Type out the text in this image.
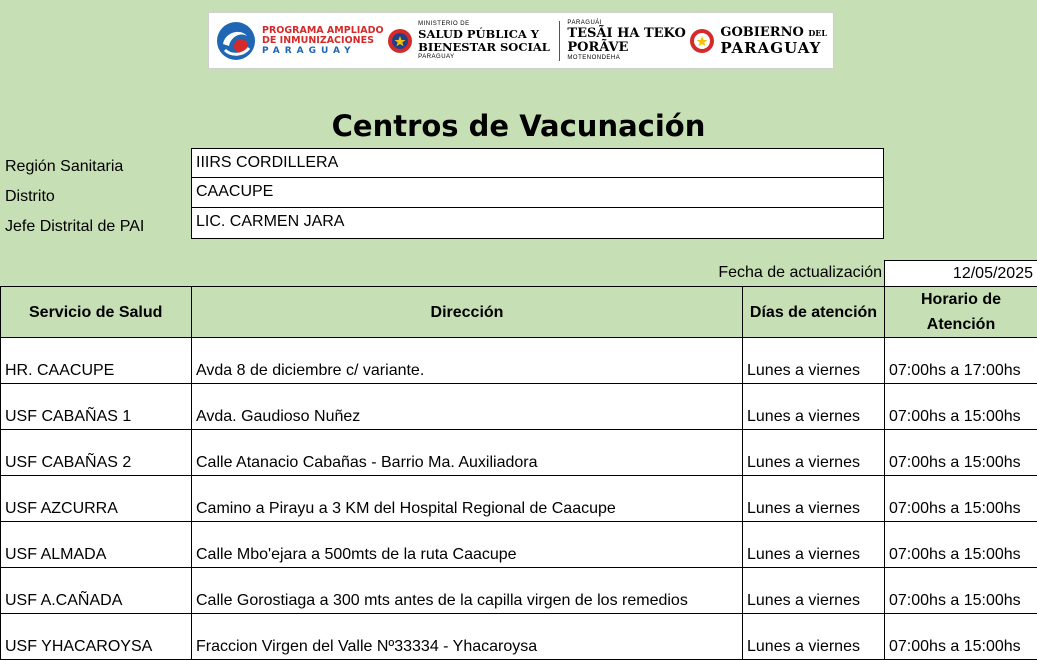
PROGRAMA AMPLIADO
DE INMUNIZACIONES
PARAGUAY
MINISTERIO DE
SALUD PÚBLICA Y
BIENESTAR SOCIAL
PARAGUAY
PARAGUÁI
TESÃI HA TEKO
PORÃVE
MOTENONDEHA
GOBIERNO DEL
PARAGUAY
Centros de Vacunación
Región Sanitaria	IIIRS CORDILLERA
Distrito	CAACUPE
Jefe Distrital de PAI	LIC. CARMEN JARA
Fecha de actualización	12/05/2025
Servicio de Salud	Dirección	Días de atención	Horario de
Atención
HR. CAACUPE	Avda 8 de diciembre c/ variante.	Lunes a viernes	07:00hs a 17:00hs
USF CABAÑAS 1	Avda. Gaudioso Nuñez	Lunes a viernes	07:00hs a 15:00hs
USF CABAÑAS 2	Calle Atanacio Cabañas - Barrio Ma. Auxiliadora	Lunes a viernes	07:00hs a 15:00hs
USF AZCURRA	Camino a Pirayu a 3 KM del Hospital Regional de Caacupe	Lunes a viernes	07:00hs a 15:00hs
USF ALMADA	Calle Mbo'ejara a 500mts de la ruta Caacupe	Lunes a viernes	07:00hs a 15:00hs
USF A.CAÑADA	Calle Gorostiaga a 300 mts antes de la capilla virgen de los remedios	Lunes a viernes	07:00hs a 15:00hs
USF YHACAROYSA	Fraccion Virgen del Valle Nº33334 - Yhacaroysa	Lunes a viernes	07:00hs a 15:00hs
